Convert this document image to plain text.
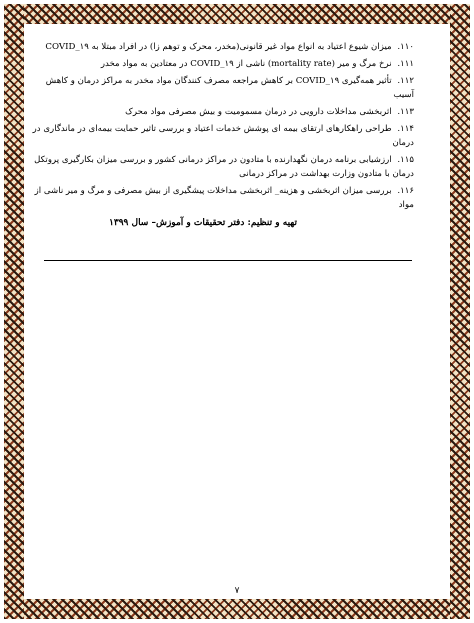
۱۱۰. میزان شیوع اعتیاد به انواع مواد غیر قانونی(مخدر، محرک و توهم زا) در افراد مبتلا به COVID_۱۹
۱۱۱. نرخ مرگ و میر (mortality rate) ناشی از COVID_۱۹ در معتادین به مواد مخدر
۱۱۲. تأثیر همه‌گیری COVID_۱۹ بر کاهش مراجعه مصرف کنندگان مواد مخدر به مراکز درمان و کاهش آسیب
۱۱۳. اثربخشی مداخلات دارویی در درمان مسمومیت و بیش مصرفی مواد محرک
۱۱۴. طراحی راهکارهای ارتقای بیمه ای پوشش خدمات اعتیاد و بررسی تاثیر حمایت بیمه‌ای در ماندگاری در درمان
۱۱۵. ارزشیابی برنامه درمان نگهدارنده با متادون در مراکز درمانی کشور و بررسی میزان بکارگیری پروتکل درمان با متادون وزارت بهداشت در مراکز درمانی
۱۱۶. بررسی میزان اثربخشی و هزینه_ اثربخشی مداخلات پیشگیری از بیش مصرفی و مرگ و میر ناشی از مواد
تهیه و تنظیم: دفتر تحقیقات و آموزش– سال ۱۳۹۹
۷
